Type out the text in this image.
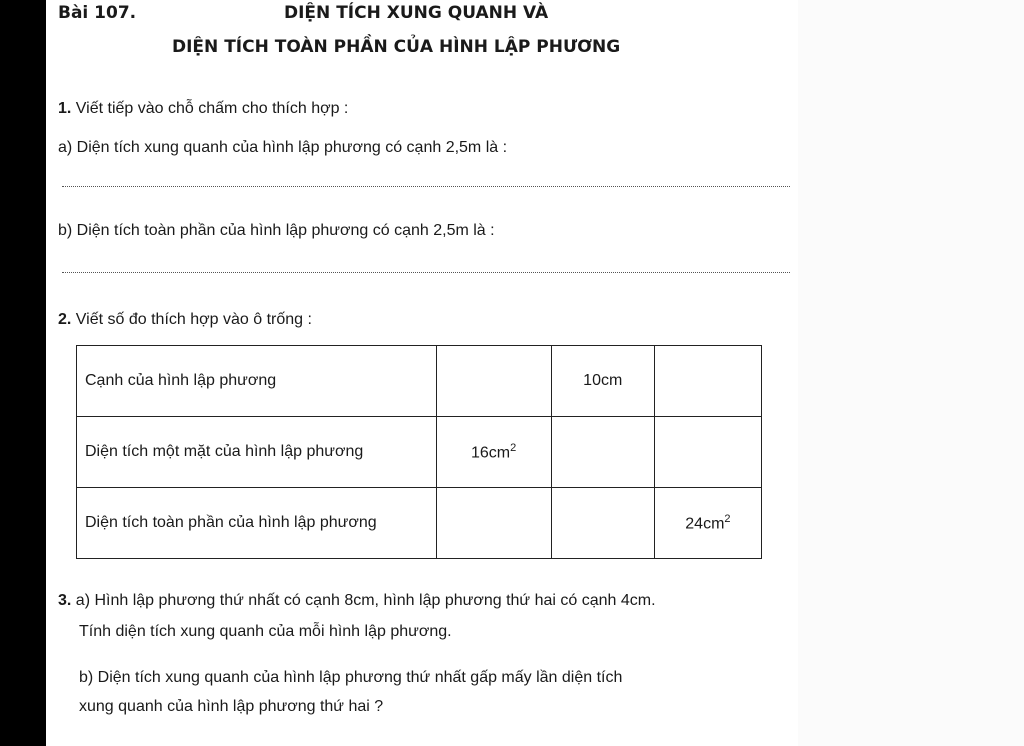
Bài 107.	DIỆN TÍCH XUNG QUANH VÀ
DIỆN TÍCH TOÀN PHẦN CỦA HÌNH LẬP PHƯƠNG
1. Viết tiếp vào chỗ chấm cho thích hợp :
a) Diện tích xung quanh của hình lập phương có cạnh 2,5m là :
b) Diện tích toàn phần của hình lập phương có cạnh 2,5m là :
2. Viết số đo thích hợp vào ô trống :
Cạnh của hình lập phương		10cm	
Diện tích một mặt của hình lập phương	$16cm^2$		
Diện tích toàn phần của hình lập phương			$24cm^2$
3. a) Hình lập phương thứ nhất có cạnh 8cm, hình lập phương thứ hai có cạnh 4cm.
Tính diện tích xung quanh của mỗi hình lập phương.
b) Diện tích xung quanh của hình lập phương thứ nhất gấp mấy lần diện tích
xung quanh của hình lập phương thứ hai ?
